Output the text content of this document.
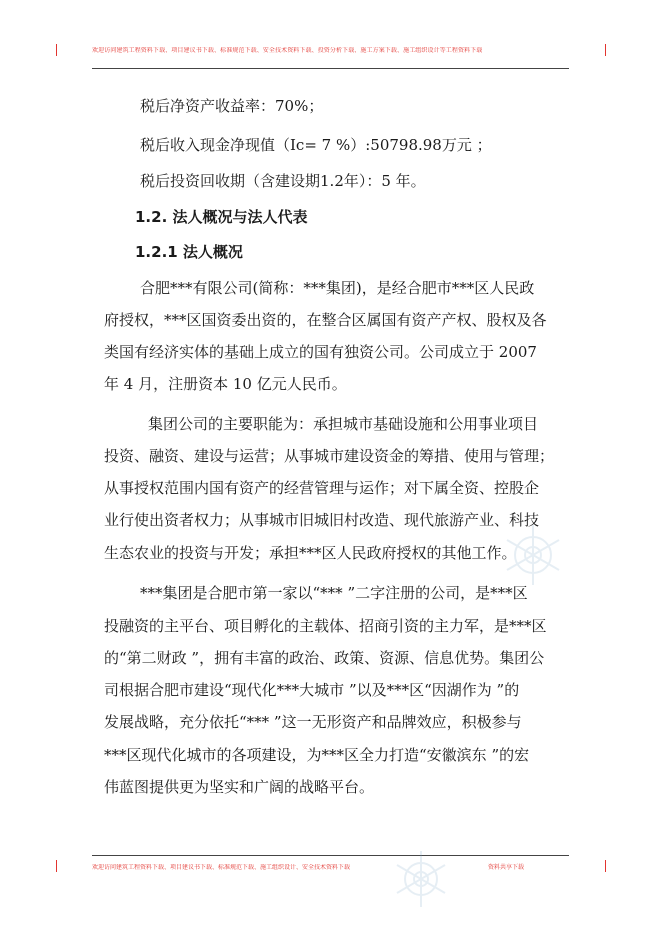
欢迎访问建筑工程资料下载、项目建议书下载、标准规范下载、安全技术资料下载、投资分析下载、施工方案下载、施工组织设计等工程资料下载
税后净资产收益率：70%；
税后收入现金净现值（Ic= 7 %）:50798.98万元 ；
税后投资回收期（含建设期1.2年）：5 年。
1.2. 法人概况与法人代表
1.2.1 法人概况
合肥***有限公司(简称：***集团)，是经合肥市***区人民政
府授权，***区国资委出资的，在整合区属国有资产产权、股权及各
类国有经济实体的基础上成立的国有独资公司。公司成立于 2007
年 4 月，注册资本 10 亿元人民币。
集团公司的主要职能为：承担城市基础设施和公用事业项目
投资、融资、建设与运营；从事城市建设资金的筹措、使用与管理；
从事授权范围内国有资产的经营管理与运作；对下属全资、控股企
业行使出资者权力；从事城市旧城旧村改造、现代旅游产业、科技
生态农业的投资与开发；承担***区人民政府授权的其他工作。
***集团是合肥市第一家以“*** ”二字注册的公司，是***区
投融资的主平台、项目孵化的主载体、招商引资的主力军，是***区
的“第二财政 ”，拥有丰富的政治、政策、资源、信息优势。集团公
司根据合肥市建设“现代化***大城市 ”以及***区“因湖作为 ”的
发展战略，充分依托“*** ”这一无形资产和品牌效应，积极参与
***区现代化城市的各项建设，为***区全力打造“安徽滨东 ”的宏
伟蓝图提供更为坚实和广阔的战略平台。
欢迎访问建筑工程资料下载、项目建议书下载、标准规范下载、施工组织设计、安全技术资料下载	资料共享下载
